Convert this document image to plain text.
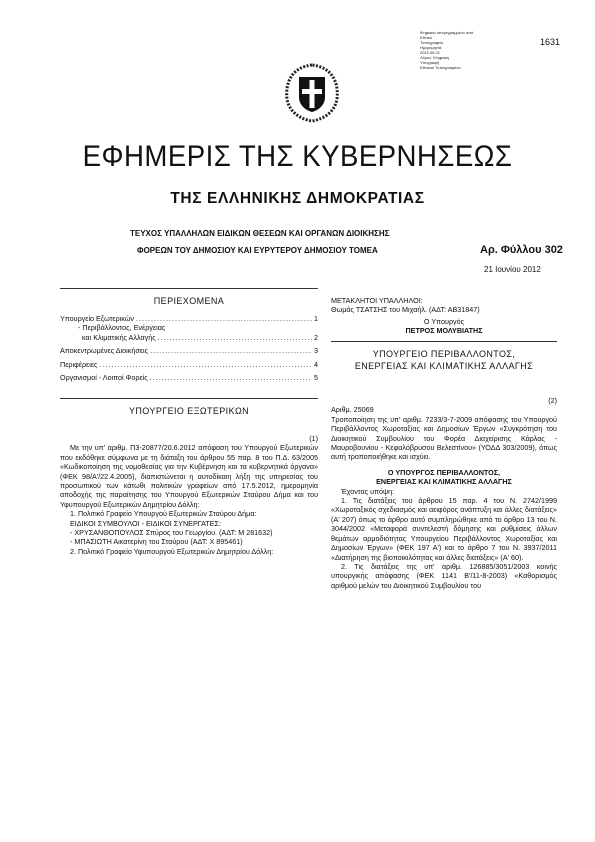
Ψηφιακά υπογεγραμμένο από
Εθνικό
Τυπογραφείο
Ημερομηνία:
2012.06.21
Λόγος: Ψηφιακή
Υπογραφή
Εθνικού Τυπογραφείου
1631
ΕΦΗΜΕΡΙΣ ΤΗΣ ΚΥΒΕΡΝΗΣΕΩΣ
ΤΗΣ ΕΛΛΗΝΙΚΗΣ ΔΗΜΟΚΡΑΤΙΑΣ
ΤΕΥΧΟΣ ΥΠΑΛΛΗΛΩΝ ΕΙΔΙΚΩΝ ΘΕΣΕΩΝ ΚΑΙ ΟΡΓΑΝΩΝ ΔΙΟΙΚΗΣΗΣ
ΦΟΡΕΩΝ ΤΟΥ ΔΗΜΟΣΙΟΥ ΚΑΙ ΕΥΡΥΤΕΡΟΥ ΔΗΜΟΣΙΟΥ ΤΟΜΕΑ	Αρ. Φύλλου 302
21 Ιουνίου 2012
ΠΕΡΙΕΧΟΜΕΝΑ
Υπουργείο Εξωτερικών .....	1
- Περιβάλλοντος, Ενέργειας
και Κλιματικής Αλλαγής .....	2
Αποκεντρωμένες Διοικήσεις .....	3
Περιφέρειες .....	4
Οργανισμοί - Λοιποί Φορείς .....	5
ΥΠΟΥΡΓΕΙΟ ΕΞΩΤΕΡΙΚΩΝ

(1)

Με την υπ' αριθμ. Π3-20877/20.6.2012 απόφαση του Υπουργού Εξωτερικών που εκδόθηκε σύμφωνα με τη διάταξη του άρθρου 55 παρ. 8 του Π.Δ. 63/2005 «Κωδικοποίηση της νομοθεσίας για την Κυβέρνηση και τα κυβερνητικά όργανα» (ΦΕΚ 98/Α'/22.4.2005), διαπιστώνεται η αυτοδίκαιη λήξη της υπηρεσίας του προσωπικού των κάτωθι πολιτικών γραφείων από 17.5.2012, ημερομηνία αποδοχής της παραίτησης του Υπουργού Εξωτερικών Σταύρου Δήμα και του Υφυπουργού Εξωτερικών Δημητρίου Δόλλη:

1. Πολιτικό Γραφείο Υπουργού Εξωτερικών Σταύρου Δήμα:

ΕΙΔΙΚΟΙ ΣΥΜΒΟΥΛΟΙ - ΕΙΔΙΚΟΙ ΣΥΝΕΡΓΑΤΕΣ:

- ΧΡΥΣΑΝΘΟΠΟΥΛΟΣ Σπύρος του Γεωργίου. (ΑΔΤ: Μ 281632)

- ΜΠΑΣΙΩΤΗ Αικατερίνη του Σταύρου (ΑΔΤ: Χ 895461)

2. Πολιτικό Γραφείο Υφυπουργού Εξωτερικών Δημητρίου Δόλλη:

ΜΕΤΑΚΛΗΤΟΙ ΥΠΑΛΛΗΛΟΙ:

Θωμάς ΤΣΑΤΣΗΣ του Μιχαήλ. (ΑΔΤ: ΑΒ31847)

Ο Υπουργός

ΠΕΤΡΟΣ ΜΟΛΥΒΙΑΤΗΣ

ΥΠΟΥΡΓΕΙΟ ΠΕΡΙΒΑΛΛΟΝΤΟΣ,
ΕΝΕΡΓΕΙΑΣ ΚΑΙ ΚΛΙΜΑΤΙΚΗΣ ΑΛΛΑΓΗΣ

(2)

Αριθμ. 25069

Τροποποίηση της υπ' αριθμ. 7233/3-7-2009 απόφασης του Υπουργού Περιβάλλοντος Χωροταξίας και Δημοσίων Έργων «Συγκρότηση του Διοικητικού Συμβουλίου του Φορέα Διαχείρισης Κάρλας - Μαυροβουνίου - Κεφαλόβρυσου Βελεστίνου» (ΥΟΔΔ 303/2009), όπως αυτή τροποποιήθηκε και ισχύει.

Ο ΥΠΟΥΡΓΟΣ ΠΕΡΙΒΑΛΛΟΝΤΟΣ,

ΕΝΕΡΓΕΙΑΣ ΚΑΙ ΚΛΙΜΑΤΙΚΗΣ ΑΛΛΑΓΗΣ

Έχοντας υπόψη:

1. Τις διατάξεις του άρθρου 15 παρ. 4 του Ν. 2742/1999 «Χωροταξικός σχεδιασμός και αειφόρος ανάπτυξη και άλλες διατάξεις» (Α' 207) όπως το άρθρο αυτό συμπληρώθηκε από το άρθρο 13 του Ν. 3044/2002 «Μεταφορά συντελεστή δόμησης και ρυθμίσεις άλλων θεμάτων αρμοδιότητας Υπουργείου Περιβάλλοντος Χωροταξίας και Δημοσίων Έργων» (ΦΕΚ 197 Α') και το άρθρο 7 του Ν. 3937/2011 «Διατήρηση της βιοποικιλότητας και άλλες διατάξεις» (Α' 60).

2. Τις διατάξεις της υπ' αριθμ. 126885/3051/2003 κοινής υπουργικής απόφασης (ΦΕΚ 1141 Β'/11-8-2003) «Καθορισμός αριθμού μελών του Διοικητικού Συμβουλίου του
